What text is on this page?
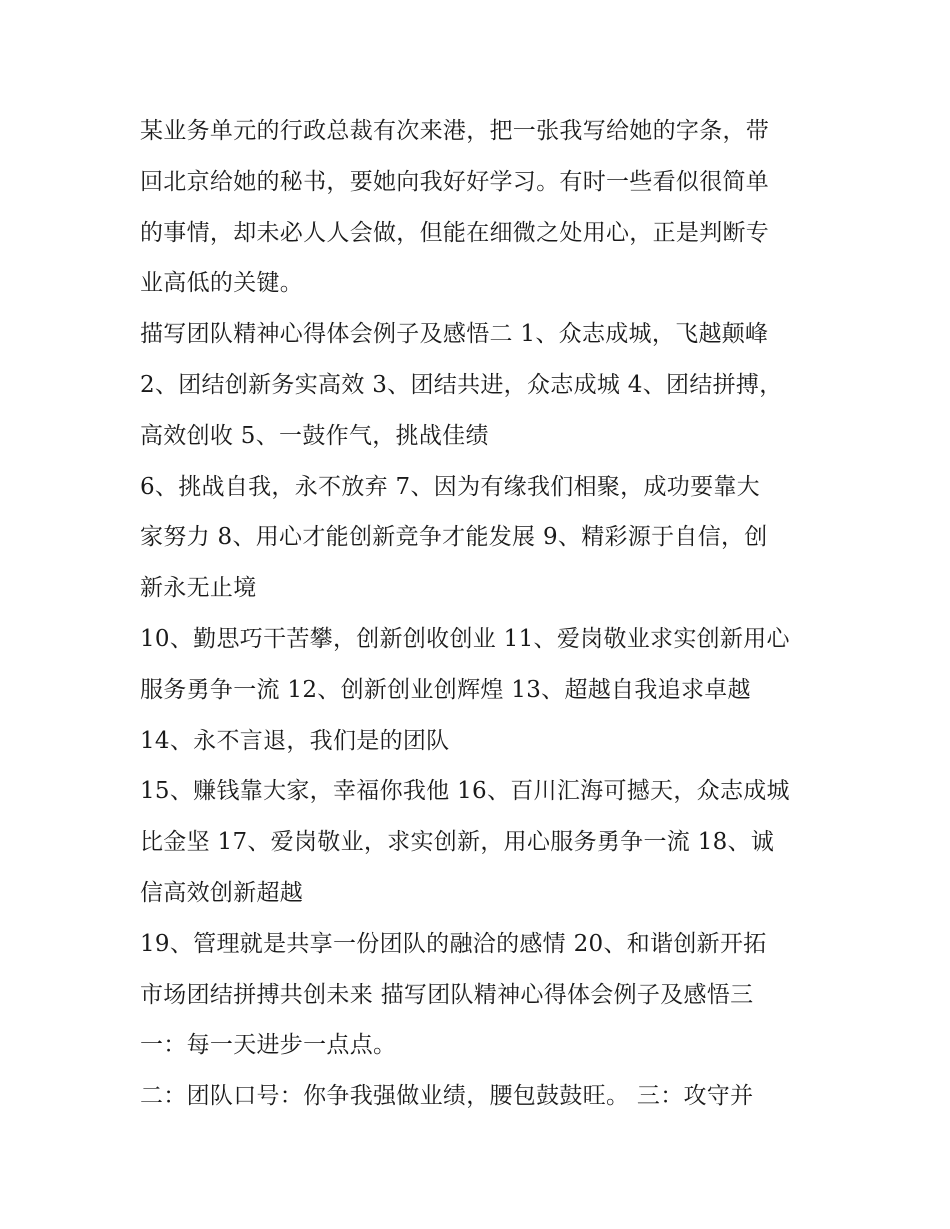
某业务单元的行政总裁有次来港，把一张我写给她的字条，带
回北京给她的秘书，要她向我好好学习。有时一些看似很简单
的事情，却未必人人会做，但能在细微之处用心，正是判断专
业高低的关键。
描写团队精神心得体会例子及感悟二 1、众志成城，飞越颠峰
2、团结创新务实高效 3、团结共进，众志成城 4、团结拼搏，
高效创收 5、一鼓作气，挑战佳绩
6、挑战自我，永不放弃 7、因为有缘我们相聚，成功要靠大
家努力 8、用心才能创新竞争才能发展 9、精彩源于自信，创
新永无止境
10、勤思巧干苦攀，创新创收创业 11、爱岗敬业求实创新用心
服务勇争一流 12、创新创业创辉煌 13、超越自我追求卓越
14、永不言退，我们是的团队
15、赚钱靠大家，幸福你我他 16、百川汇海可撼天，众志成城
比金坚 17、爱岗敬业，求实创新，用心服务勇争一流 18、诚
信高效创新超越
19、管理就是共享一份团队的融洽的感情 20、和谐创新开拓
市场团结拼搏共创未来 描写团队精神心得体会例子及感悟三
一：每一天进步一点点。
二：团队口号：你争我强做业绩，腰包鼓鼓旺。 三：攻守并
